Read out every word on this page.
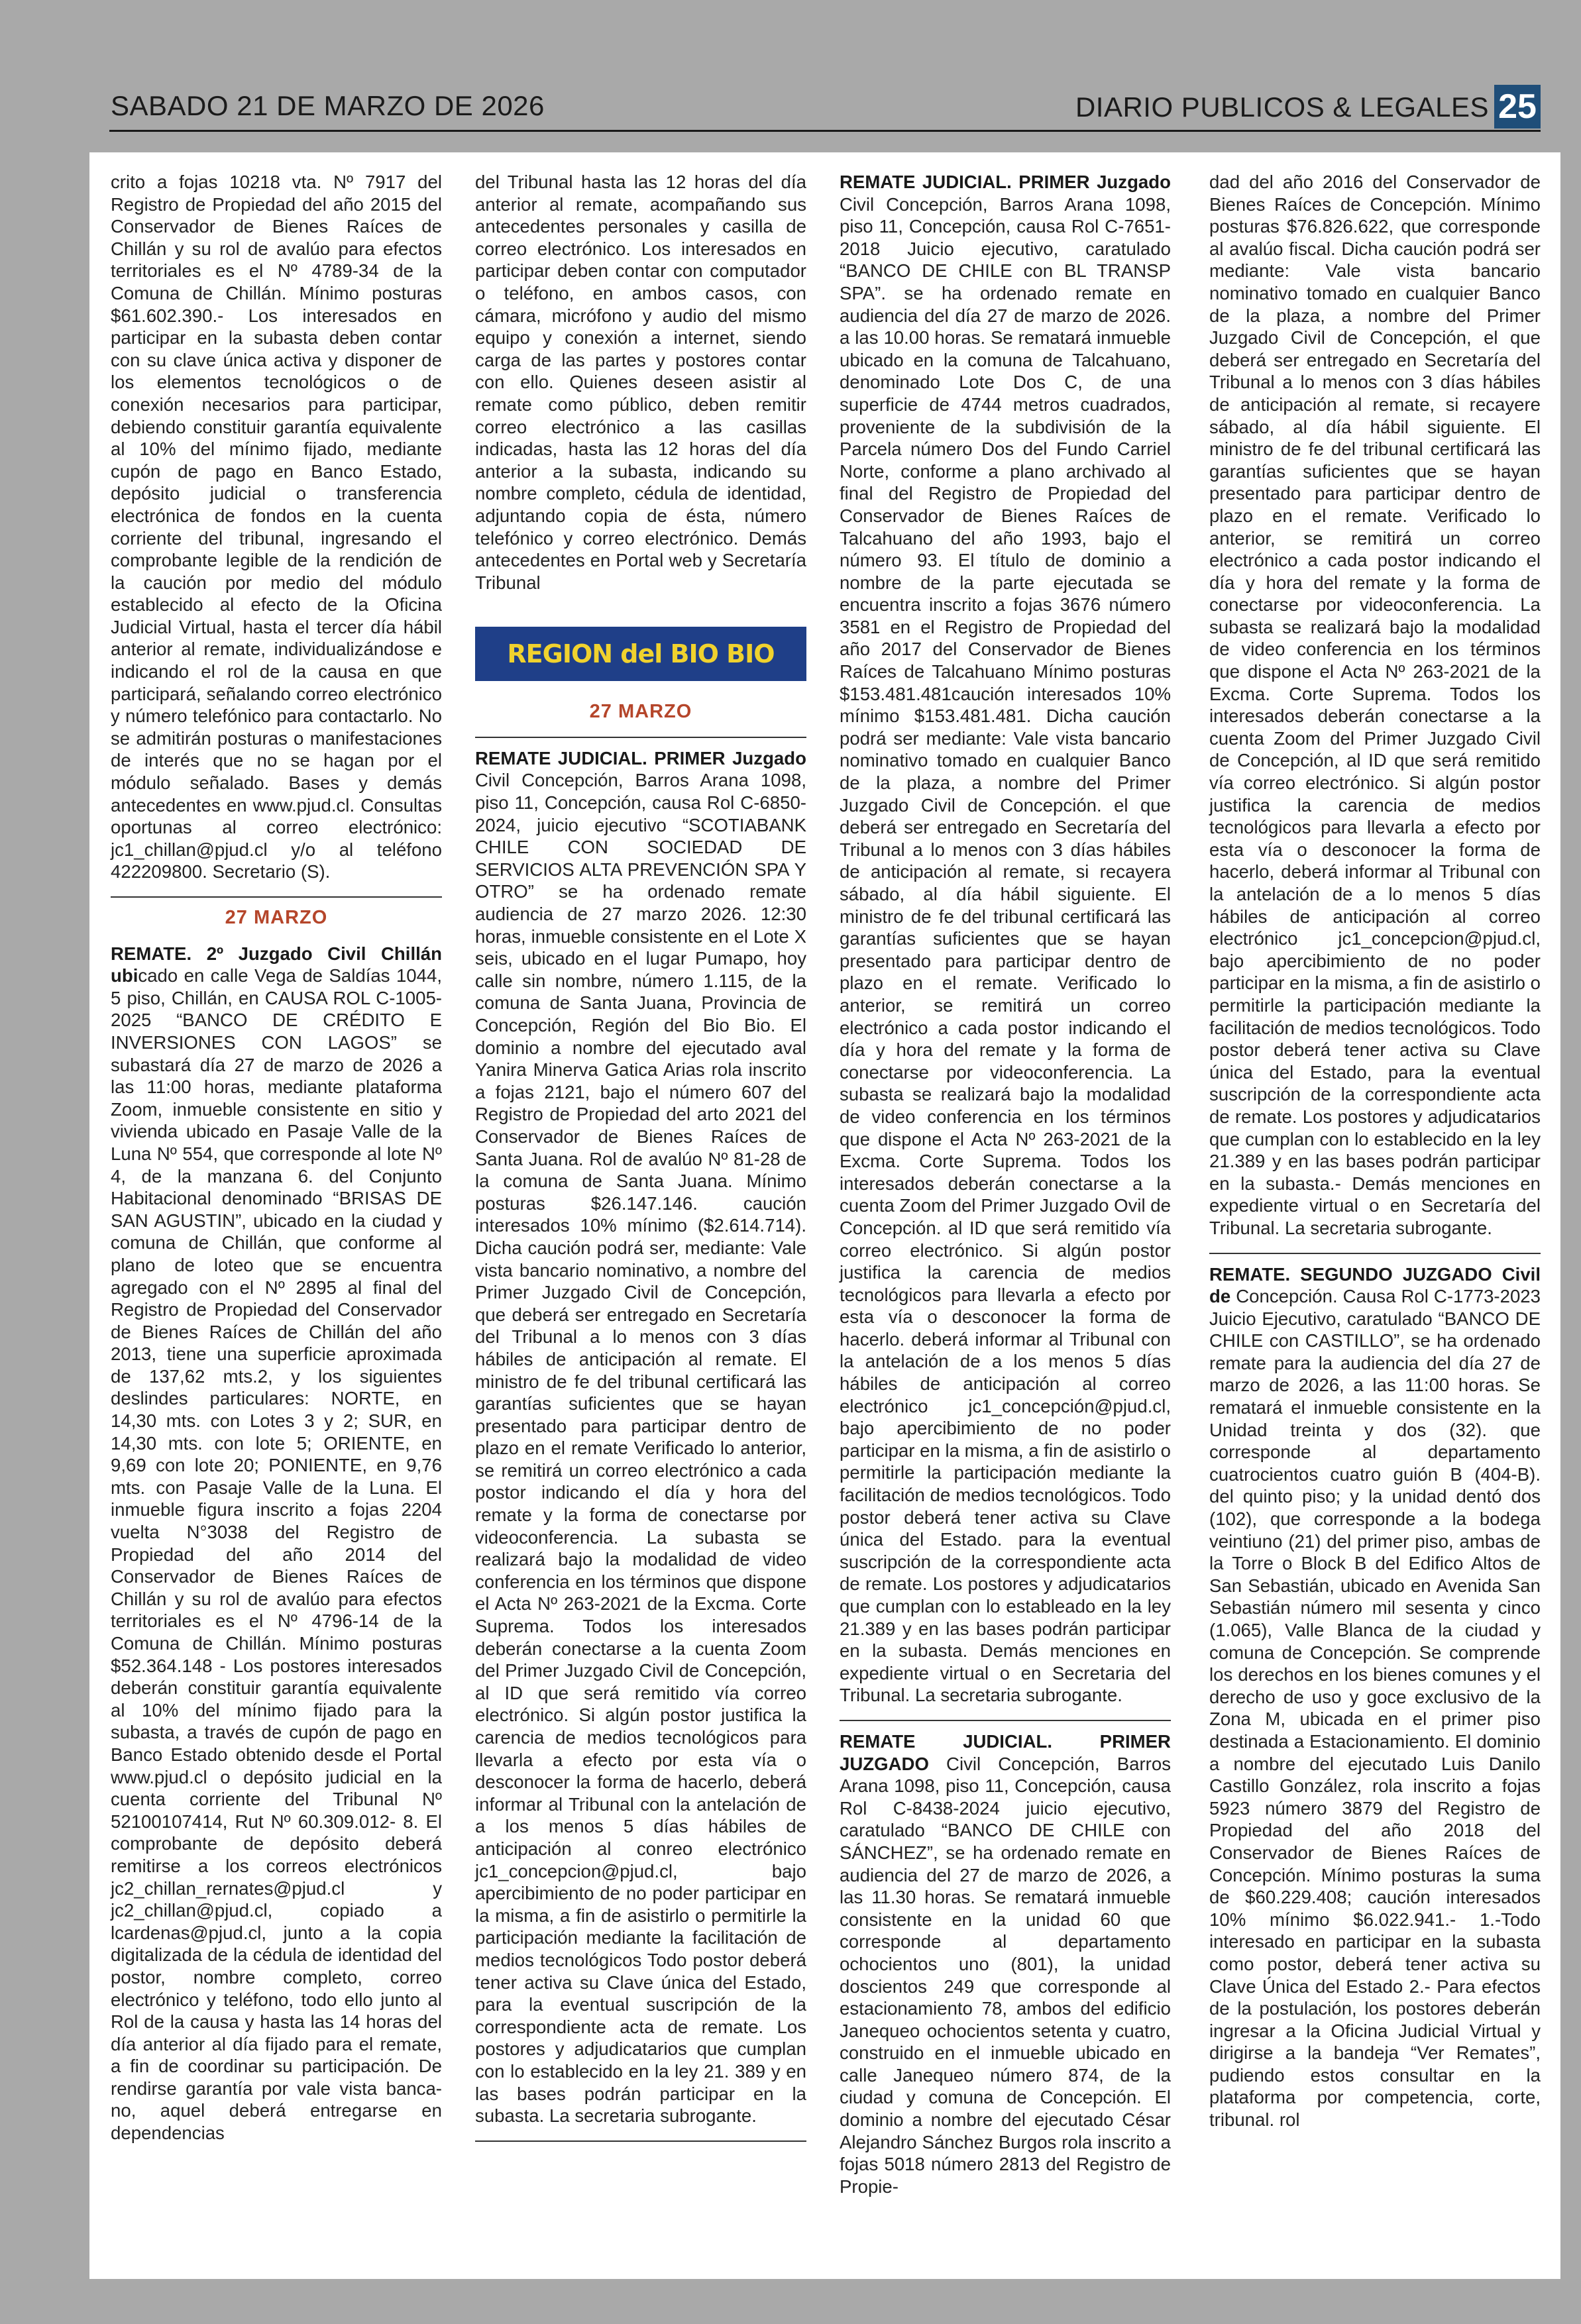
SABADO 21 DE MARZO DE 2026	DIARIO PUBLICOS & LEGALES 25

crito a fojas 10218 vta. Nº 7917 del Registro de Propiedad del año 2015 del Conservador de Bienes Raíces de Chillán y su rol de avalúo para efectos territoriales es el Nº 4789-34 de la Comuna de Chillán. Mínimo posturas $61.602.390.- Los interesados en participar en la subasta deben contar con su clave única activa y disponer de los elementos tecnológicos o de conexión necesarios para participar, debiendo constituir garantía equivalente al 10% del mínimo fijado, mediante cupón de pago en Banco Estado, depósito judicial o transferencia electrónica de fondos en la cuenta corriente del tribunal, ingresando el comprobante legible de la rendición de la caución por medio del módulo establecido al efecto de la Oficina Judicial Virtual, hasta el tercer día hábil anterior al remate, individualizándose e indicando el rol de la causa en que participará, señalando correo electrónico y número telefónico para contactarlo. No se admitirán posturas o manifestaciones de interés que no se hagan por el módulo señalado. Bases y demás antecedentes en www.pjud.cl. Consultas oportunas al correo electrónico: jc1_chillan@pjud.cl y/o al teléfono 422209800. Secretario (S).

27 MARZO

REMATE. 2º Juzgado Civil Chillán ubicado en calle Vega de Saldías 1044, 5 piso, Chillán, en CAUSA ROL C-1005-2025 “BANCO DE CRÉDITO E INVERSIONES CON LAGOS” se subastará día 27 de marzo de 2026 a las 11:00 horas, mediante plataforma Zoom, inmueble consistente en sitio y vivienda ubicado en Pasaje Valle de la Luna Nº 554, que corresponde al lote Nº 4, de la manzana 6. del Conjunto Habitacional denominado “BRISAS DE SAN AGUSTIN”, ubicado en la ciudad y comuna de Chillán, que conforme al plano de loteo que se encuentra agregado con el Nº 2895 al final del Registro de Propiedad del Conservador de Bienes Raíces de Chillán del año 2013, tiene una superficie aproximada de 137,62 mts.2, y los siguientes deslindes particulares: NORTE, en 14,30 mts. con Lotes 3 y 2; SUR, en 14,30 mts. con lote 5; ORIENTE, en 9,69 con lote 20; PONIENTE, en 9,76 mts. con Pasaje Valle de la Luna. El inmueble figura inscrito a fojas 2204 vuelta N°3038 del Registro de Propiedad del año 2014 del Conservador de Bienes Raíces de Chillán y su rol de avalúo para efectos territoriales es el Nº 4796-14 de la Comuna de Chillán. Mínimo posturas $52.364.148 - Los postores interesados deberán constituir garantía equivalente al 10% del mínimo fijado para la subasta, a través de cupón de pago en Banco Estado obtenido desde el Portal www.pjud.cl o depósito judicial en la cuenta corriente del Tribunal Nº 52100107414, Rut Nº 60.309.012- 8. El comprobante de depósito deberá remitirse a los correos electrónicos jc2_chillan_rernates@pjud.cl y jc2_chillan@pjud.cl, copiado a lcardenas@pjud.cl, junto a la copia digitalizada de la cédula de identidad del postor, nombre completo, correo electrónico y teléfono, todo ello junto al Rol de la causa y hasta las 14 horas del día anterior al día fijado para el remate, a fin de coordinar su participación. De rendirse garantía por vale vista banca-no, aquel deberá entregarse en dependencias

del Tribunal hasta las 12 horas del día anterior al remate, acompañando sus antecedentes personales y casilla de correo electrónico. Los interesados en participar deben contar con computador o teléfono, en ambos casos, con cámara, micrófono y audio del mismo equipo y conexión a internet, siendo carga de las partes y postores contar con ello. Quienes deseen asistir al remate como público, deben remitir correo electrónico a las casillas indicadas, hasta las 12 horas del día anterior a la subasta, indicando su nombre completo, cédula de identidad, adjuntando copia de ésta, número telefónico y correo electrónico. Demás antecedentes en Portal web y Secretaría Tribunal

REGION del BIO BIO
27 MARZO

REMATE JUDICIAL. PRIMER Juzgado Civil Concepción, Barros Arana 1098, piso 11, Concepción, causa Rol C-6850-2024, juicio ejecutivo “SCOTIABANK CHILE CON SOCIEDAD DE SERVICIOS ALTA PREVENCIÓN SPA Y OTRO” se ha ordenado remate audiencia de 27 marzo 2026. 12:30 horas, inmueble consistente en el Lote X seis, ubicado en el lugar Pumapo, hoy calle sin nombre, número 1.115, de la comuna de Santa Juana, Provincia de Concepción, Región del Bio Bio. El dominio a nombre del ejecutado aval Yanira Minerva Gatica Arias rola inscrito a fojas 2121, bajo el número 607 del Registro de Propiedad del arto 2021 del Conservador de Bienes Raíces de Santa Juana. Rol de avalúo Nº 81-28 de la comuna de Santa Juana. Mínimo posturas $26.147.146. caución interesados 10% mínimo ($2.614.714). Dicha caución podrá ser, mediante: Vale vista bancario nominativo, a nombre del Primer Juzgado Civil de Concepción, que deberá ser entregado en Secretaría del Tribunal a lo menos con 3 días hábiles de anticipación al remate. El ministro de fe del tribunal certificará las garantías suficientes que se hayan presentado para participar dentro de plazo en el remate Verificado lo anterior, se remitirá un correo electrónico a cada postor indicando el día y hora del remate y la forma de conectarse por videoconferencia. La subasta se realizará bajo la modalidad de video conferencia en los términos que dispone el Acta Nº 263-2021 de la Excma. Corte Suprema. Todos los interesados deberán conectarse a la cuenta Zoom del Primer Juzgado Civil de Concepción, al ID que será remitido vía correo electrónico. Si algún postor justifica la carencia de medios tecnológicos para llevarla a efecto por esta vía o desconocer la forma de hacerlo, deberá informar al Tribunal con la antelación de a los menos 5 días hábiles de anticipación al conreo electrónico jc1_concepcion@pjud.cl, bajo apercibimiento de no poder participar en la misma, a fin de asistirlo o permitirle la participación mediante la facilitación de medios tecnológicos Todo postor deberá tener activa su Clave única del Estado, para la eventual suscripción de la correspondiente acta de remate. Los postores y adjudicatarios que cumplan con lo establecido en la ley 21. 389 y en las bases podrán participar en la subasta. La secretaria subrogante.

REMATE JUDICIAL. PRIMER Juzgado Civil Concepción, Barros Arana 1098, piso 11, Concepción, causa Rol C-7651-2018 Juicio ejecutivo, caratulado “BANCO DE CHILE con BL TRANSP SPA”. se ha ordenado remate en audiencia del día 27 de marzo de 2026. a las 10.00 horas. Se rematará inmueble ubicado en la comuna de Talcahuano, denominado Lote Dos C, de una superficie de 4744 metros cuadrados, proveniente de la subdivisión de la Parcela número Dos del Fundo Carriel Norte, conforme a plano archivado al final del Registro de Propiedad del Conservador de Bienes Raíces de Talcahuano del año 1993, bajo el número 93. El título de dominio a nombre de la parte ejecutada se encuentra inscrito a fojas 3676 número 3581 en el Registro de Propiedad del año 2017 del Conservador de Bienes Raíces de Talcahuano Mínimo posturas $153.481.481caución interesados 10% mínimo $153.481.481. Dicha caución podrá ser mediante: Vale vista bancario nominativo tomado en cualquier Banco de la plaza, a nombre del Primer Juzgado Civil de Concepción. el que deberá ser entregado en Secretaría del Tribunal a lo menos con 3 días hábiles de anticipación al remate, si recayera sábado, al día hábil siguiente. El ministro de fe del tribunal certificará las garantías suficientes que se hayan presentado para participar dentro de plazo en el remate. Verificado lo anterior, se remitirá un correo electrónico a cada postor indicando el día y hora del remate y la forma de conectarse por videoconferencia. La subasta se realizará bajo la modalidad de video conferencia en los términos que dispone el Acta Nº 263-2021 de la Excma. Corte Suprema. Todos los interesados deberán conectarse a la cuenta Zoom del Primer Juzgado Ovil de Concepción. al ID que será remitido vía correo electrónico. Si algún postor justifica la carencia de medios tecnológicos para llevarla a efecto por esta vía o desconocer la forma de hacerlo. deberá informar al Tribunal con la antelación de a los menos 5 días hábiles de anticipación al correo electrónico jc1_concepción@pjud.cl, bajo apercibimiento de no poder participar en la misma, a fin de asistirlo o permitirle la participación mediante la facilitación de medios tecnológicos. Todo postor deberá tener activa su Clave única del Estado. para la eventual suscripción de la correspondiente acta de remate. Los postores y adjudicatarios que cumplan con lo estableado en la ley 21.389 y en las bases podrán participar en la subasta. Demás menciones en expediente virtual o en Secretaria del Tribunal. La secretaria subrogante.

REMATE JUDICIAL. PRIMER JUZGADO Civil Concepción, Barros Arana 1098, piso 11, Concepción, causa Rol C-8438-2024 juicio ejecutivo, caratulado “BANCO DE CHILE con SÁNCHEZ”, se ha ordenado remate en audiencia del 27 de marzo de 2026, a las 11.30 horas. Se rematará inmueble consistente en la unidad 60 que corresponde al departamento ochocientos uno (801), la unidad doscientos 249 que corresponde al estacionamiento 78, ambos del edificio Janequeo ochocientos setenta y cuatro, construido en el inmueble ubicado en calle Janequeo número 874, de la ciudad y comuna de Concepción. El dominio a nombre del ejecutado César Alejandro Sánchez Burgos rola inscrito a fojas 5018 número 2813 del Registro de Propie-

dad del año 2016 del Conservador de Bienes Raíces de Concepción. Mínimo posturas $76.826.622, que corresponde al avalúo fiscal. Dicha caución podrá ser mediante: Vale vista bancario nominativo tomado en cualquier Banco de la plaza, a nombre del Primer Juzgado Civil de Concepción, el que deberá ser entregado en Secretaría del Tribunal a lo menos con 3 días hábiles de anticipación al remate, si recayere sábado, al día hábil siguiente. El ministro de fe del tribunal certificará las garantías suficientes que se hayan presentado para participar dentro de plazo en el remate. Verificado lo anterior, se remitirá un correo electrónico a cada postor indicando el día y hora del remate y la forma de conectarse por videoconferencia. La subasta se realizará bajo la modalidad de video conferencia en los términos que dispone el Acta Nº 263-2021 de la Excma. Corte Suprema. Todos los interesados deberán conectarse a la cuenta Zoom del Primer Juzgado Civil de Concepción, al ID que será remitido vía correo electrónico. Si algún postor justifica la carencia de medios tecnológicos para llevarla a efecto por esta vía o desconocer la forma de hacerlo, deberá informar al Tribunal con la antelación de a lo menos 5 días hábiles de anticipación al correo electrónico jc1_concepcion@pjud.cl, bajo apercibimiento de no poder participar en la misma, a fin de asistirlo o permitirle la participación mediante la facilitación de medios tecnológicos. Todo postor deberá tener activa su Clave única del Estado, para la eventual suscripción de la correspondiente acta de remate. Los postores y adjudicatarios que cumplan con lo establecido en la ley 21.389 y en las bases podrán participar en la subasta.- Demás menciones en expediente virtual o en Secretaría del Tribunal. La secretaria subrogante.

REMATE. SEGUNDO JUZGADO Civil de Concepción. Causa Rol C-1773-2023 Juicio Ejecutivo, caratulado “BANCO DE CHILE con CASTILLO”, se ha ordenado remate para la audiencia del día 27 de marzo de 2026, a las 11:00 horas. Se rematará el inmueble consistente en la Unidad treinta y dos (32). que corresponde al departamento cuatrocientos cuatro guión B (404-B). del quinto piso; y la unidad dentó dos (102), que corresponde a la bodega veintiuno (21) del primer piso, ambas de la Torre o Block B del Edifico Altos de San Sebastián, ubicado en Avenida San Sebastián número mil sesenta y cinco (1.065), Valle Blanca de la ciudad y comuna de Concepción. Se comprende los derechos en los bienes comunes y el derecho de uso y goce exclusivo de la Zona M, ubicada en el primer piso destinada a Estacionamiento. El dominio a nombre del ejecutado Luis Danilo Castillo González, rola inscrito a fojas 5923 número 3879 del Registro de Propiedad del año 2018 del Conservador de Bienes Raíces de Concepción. Mínimo posturas la suma de $60.229.408; caución interesados 10% mínimo $6.022.941.- 1.-Todo interesado en participar en la subasta como postor, deberá tener activa su Clave Única del Estado 2.- Para efectos de la postulación, los postores deberán ingresar a la Oficina Judicial Virtual y dirigirse a la bandeja “Ver Remates”, pudiendo estos consultar en la plataforma por competencia, corte, tribunal. rol
